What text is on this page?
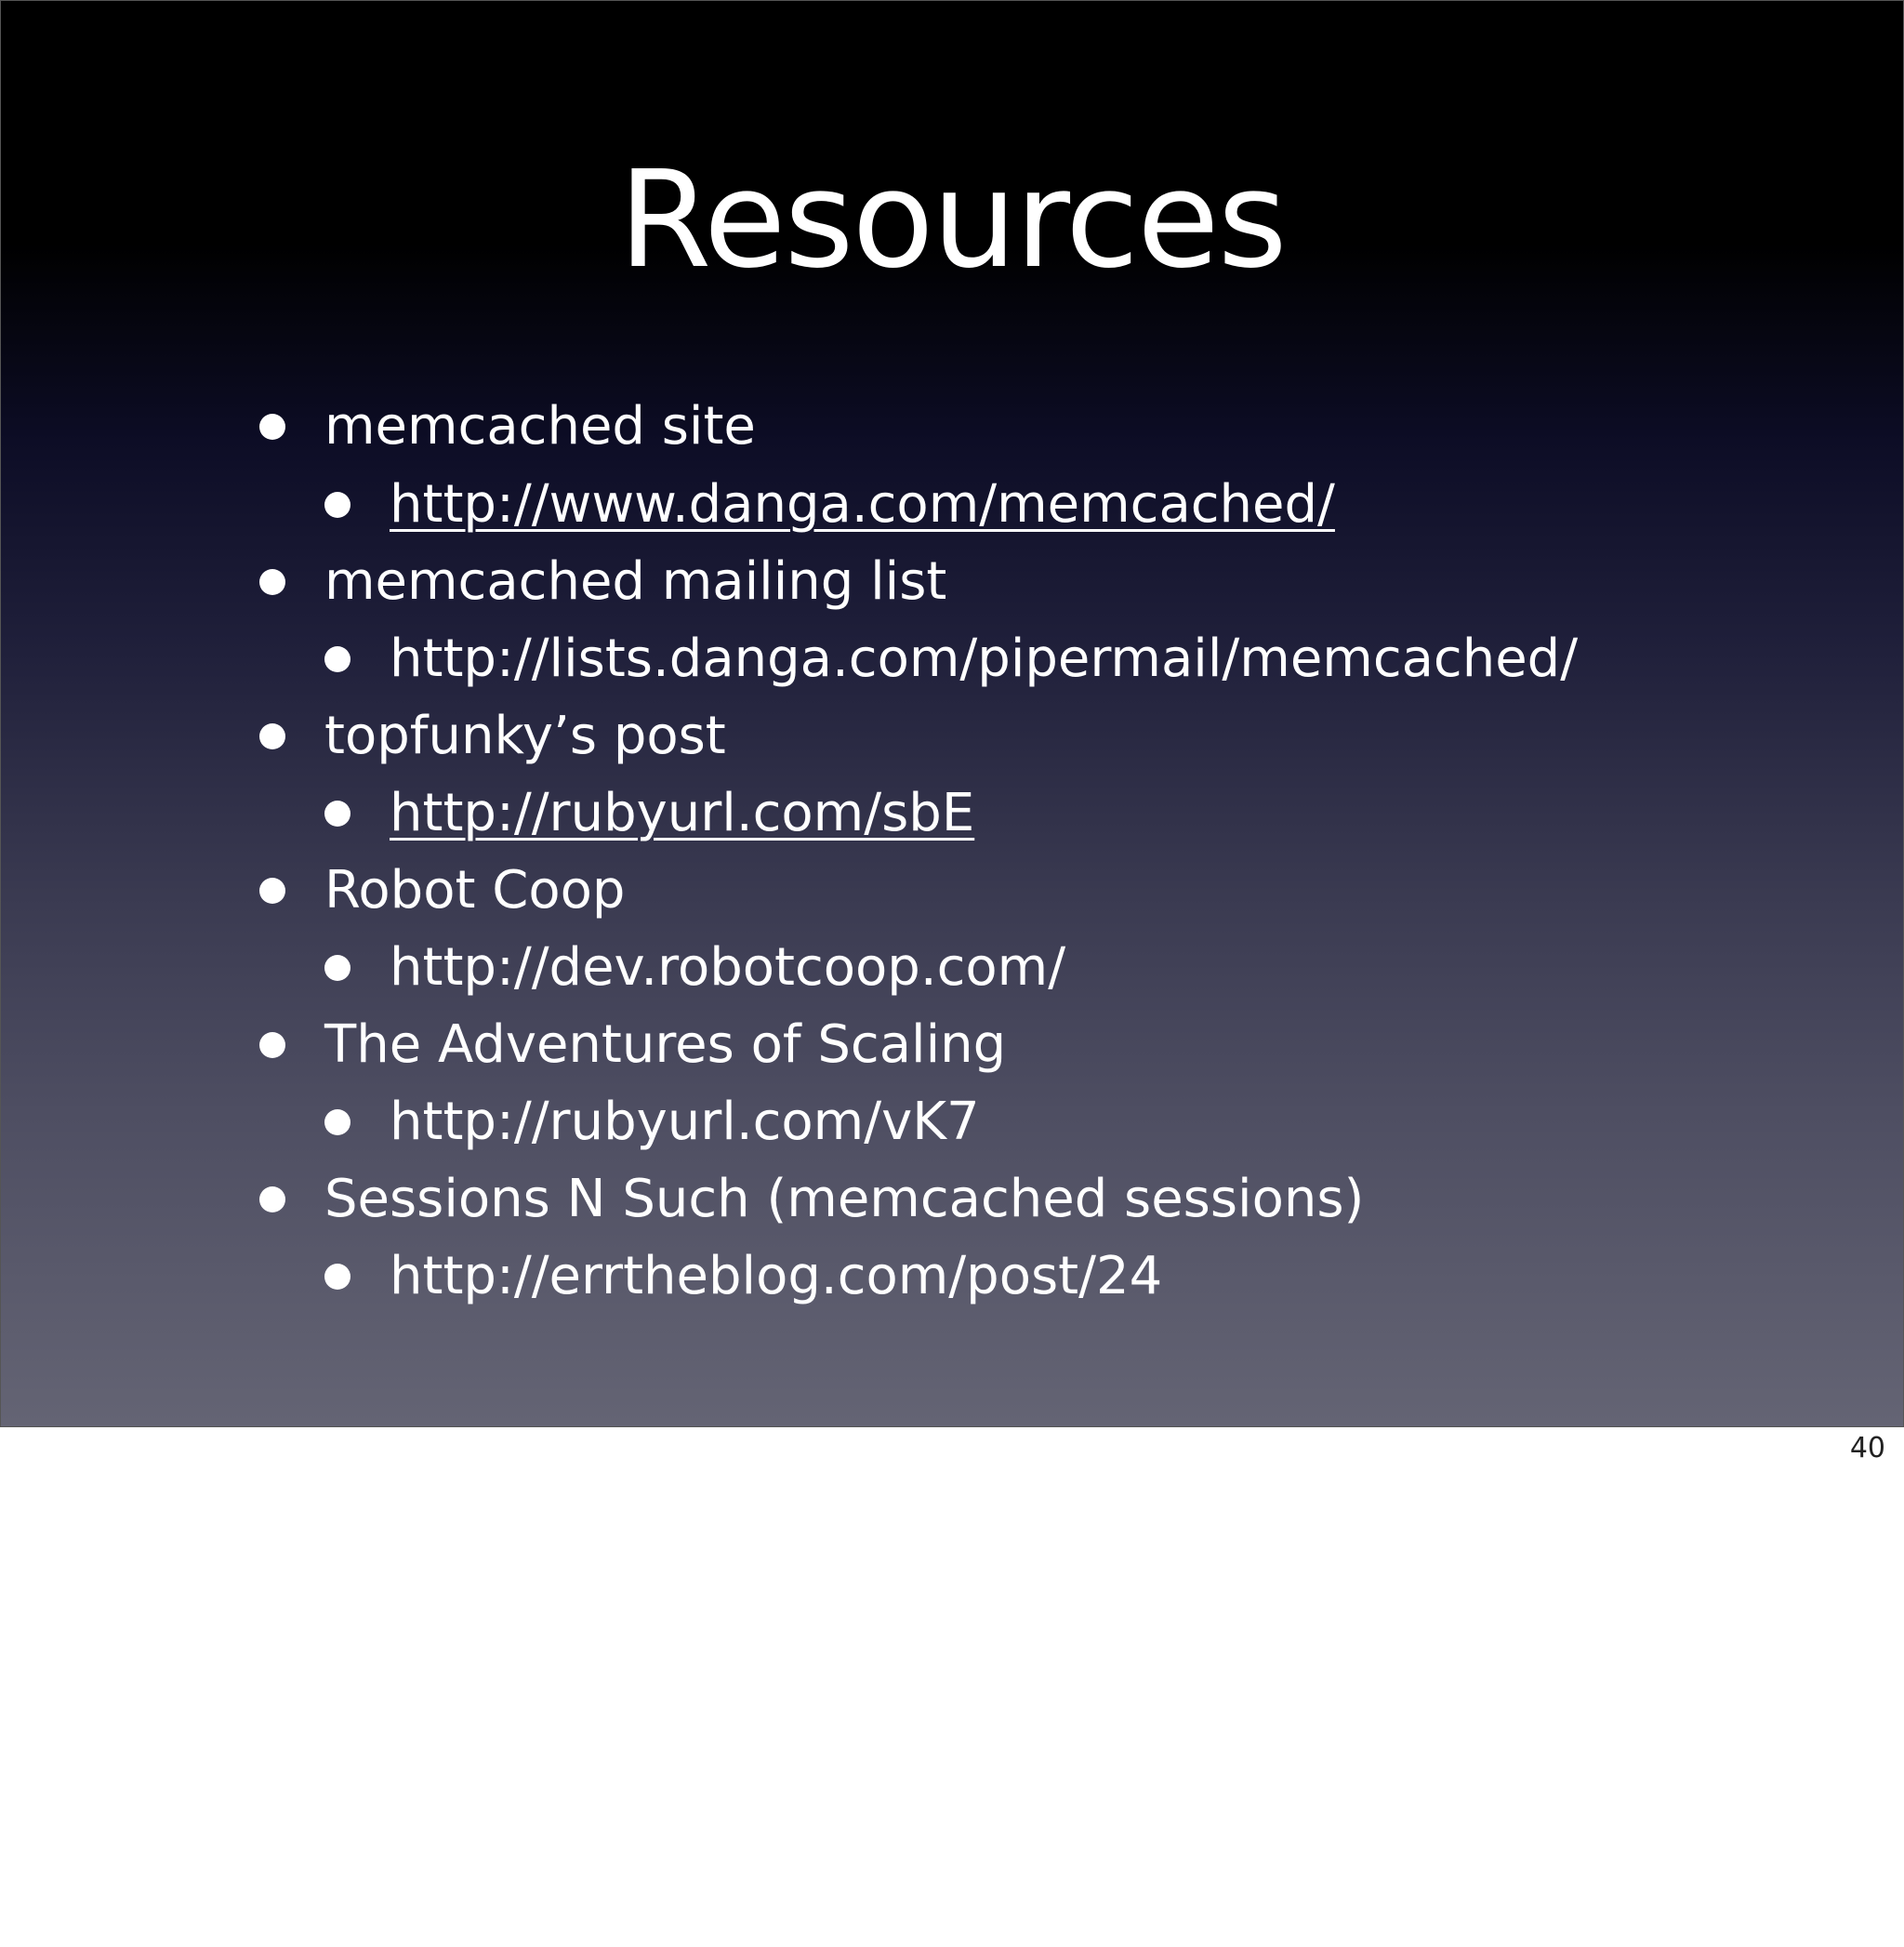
Resources
memcached site
http://www.danga.com/memcached/
memcached mailing list
http://lists.danga.com/pipermail/memcached/
topfunky’s post
http://rubyurl.com/sbE
Robot Coop
http://dev.robotcoop.com/
The Adventures of Scaling
http://rubyurl.com/vK7
Sessions N Such (memcached sessions)
http://errtheblog.com/post/24
40
